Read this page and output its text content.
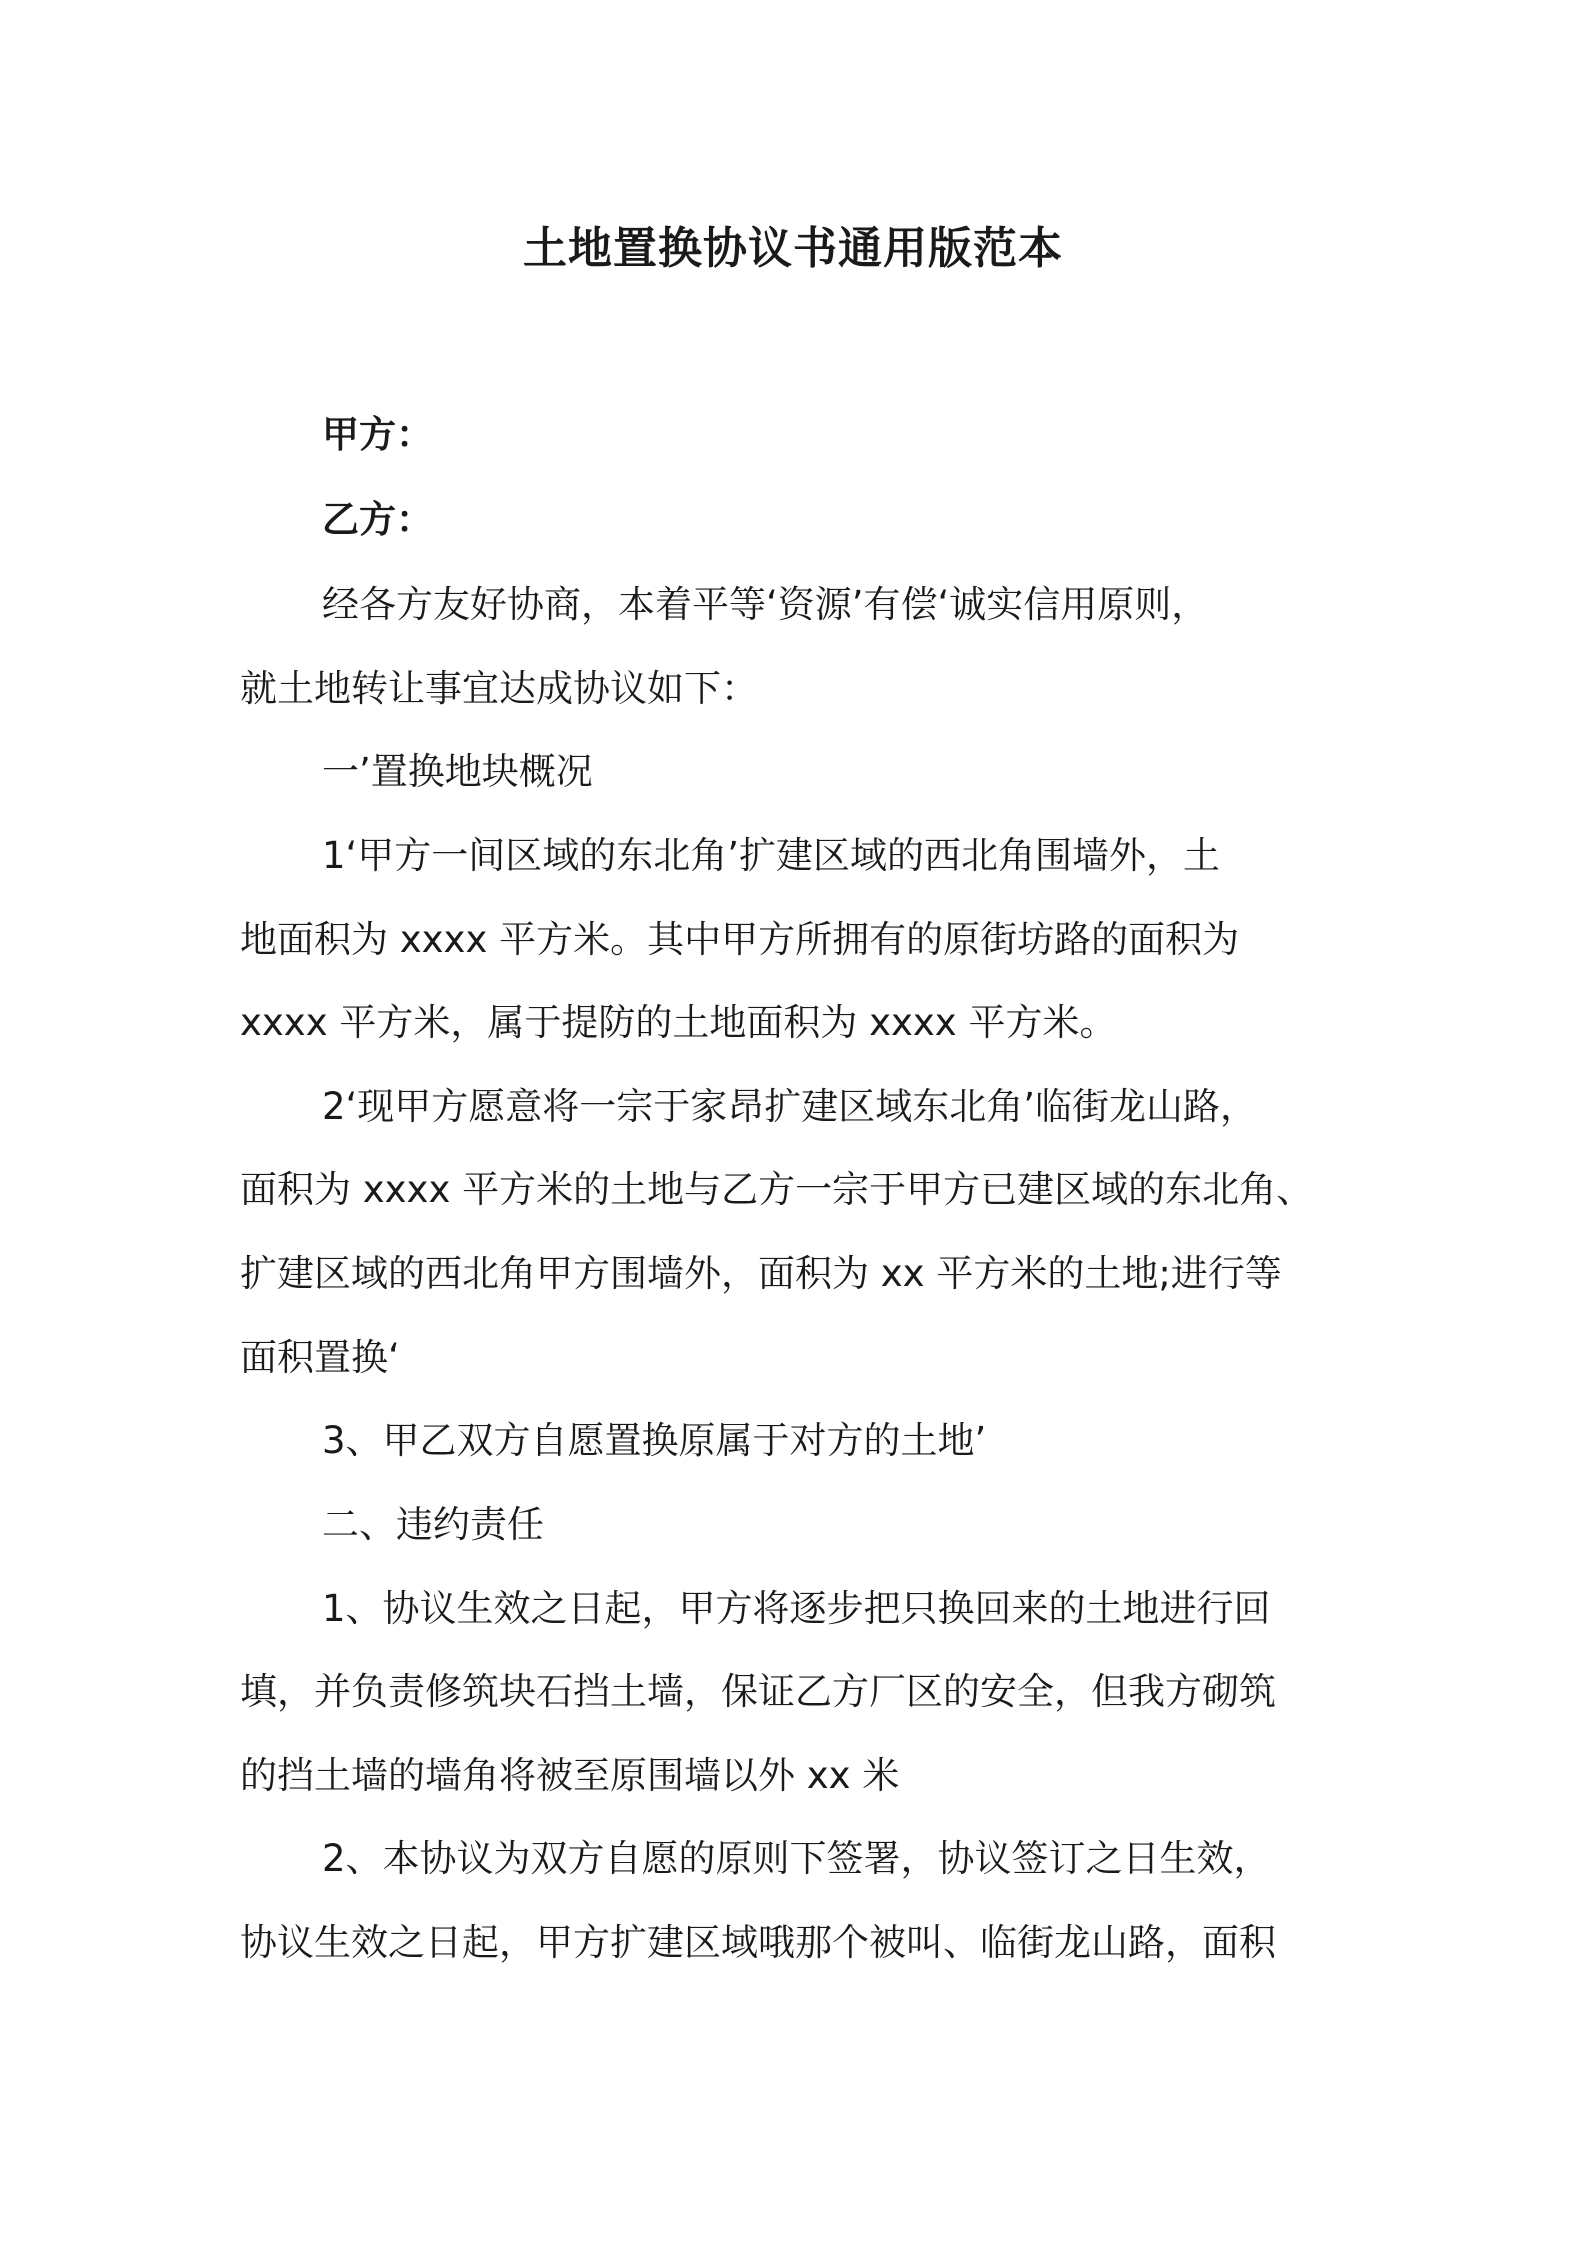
土地置换协议书通用版范本

甲方：

乙方：

经各方友好协商，本着平等‘资源’有偿‘诚实信用原则，

就土地转让事宜达成协议如下：

一’置换地块概况

1‘甲方一间区域的东北角’扩建区域的西北角围墙外，土

地面积为 xxxx 平方米。其中甲方所拥有的原街坊路的面积为

xxxx 平方米，属于提防的土地面积为 xxxx 平方米。

2‘现甲方愿意将一宗于家昂扩建区域东北角’临街龙山路，

面积为 xxxx 平方米的土地与乙方一宗于甲方已建区域的东北角、

扩建区域的西北角甲方围墙外，面积为 xx 平方米的土地;进行等

面积置换‘

3、甲乙双方自愿置换原属于对方的土地’

二、违约责任

1、协议生效之日起，甲方将逐步把只换回来的土地进行回

填，并负责修筑块石挡土墙，保证乙方厂区的安全，但我方砌筑

的挡土墙的墙角将被至原围墙以外 xx 米

2、本协议为双方自愿的原则下签署，协议签订之日生效，

协议生效之日起，甲方扩建区域哦那个被叫、临街龙山路，面积
